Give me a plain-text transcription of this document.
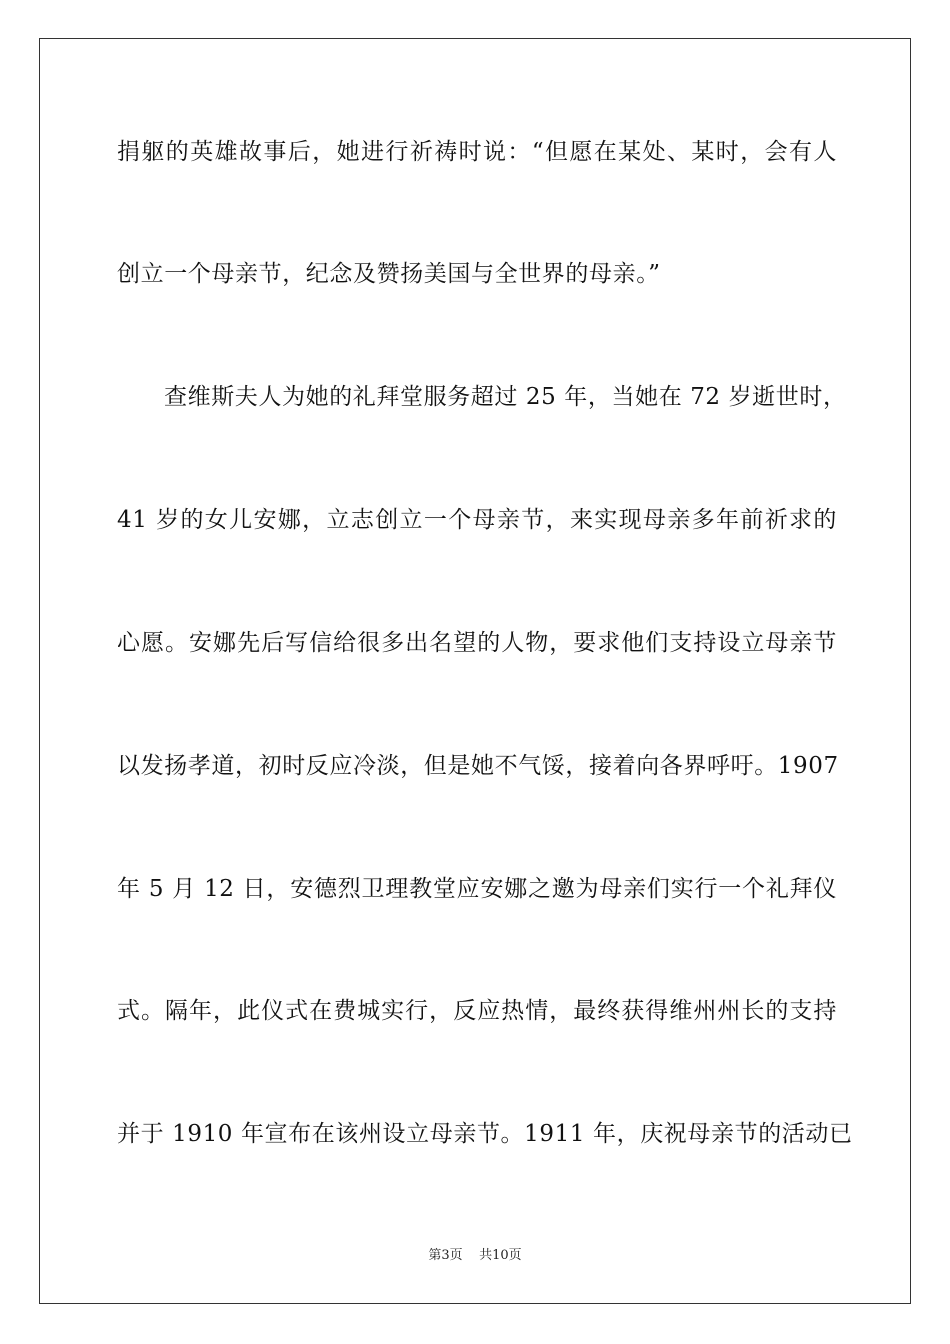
捐躯的英雄故事后，她进行祈祷时说：“但愿在某处、某时，会有人
创立一个母亲节，纪念及赞扬美国与全世界的母亲。”
查维斯夫人为她的礼拜堂服务超过 25 年，当她在 72 岁逝世时，
41 岁的女儿安娜，立志创立一个母亲节，来实现母亲多年前祈求的
心愿。安娜先后写信给很多出名望的人物，要求他们支持设立母亲节
以发扬孝道，初时反应冷淡，但是她不气馁，接着向各界呼吁。1907
年 5 月 12 日，安德烈卫理教堂应安娜之邀为母亲们实行一个礼拜仪
式。隔年，此仪式在费城实行，反应热情，最终获得维州州长的支持
并于 1910 年宣布在该州设立母亲节。1911 年，庆祝母亲节的活动已
第3页 共10页
